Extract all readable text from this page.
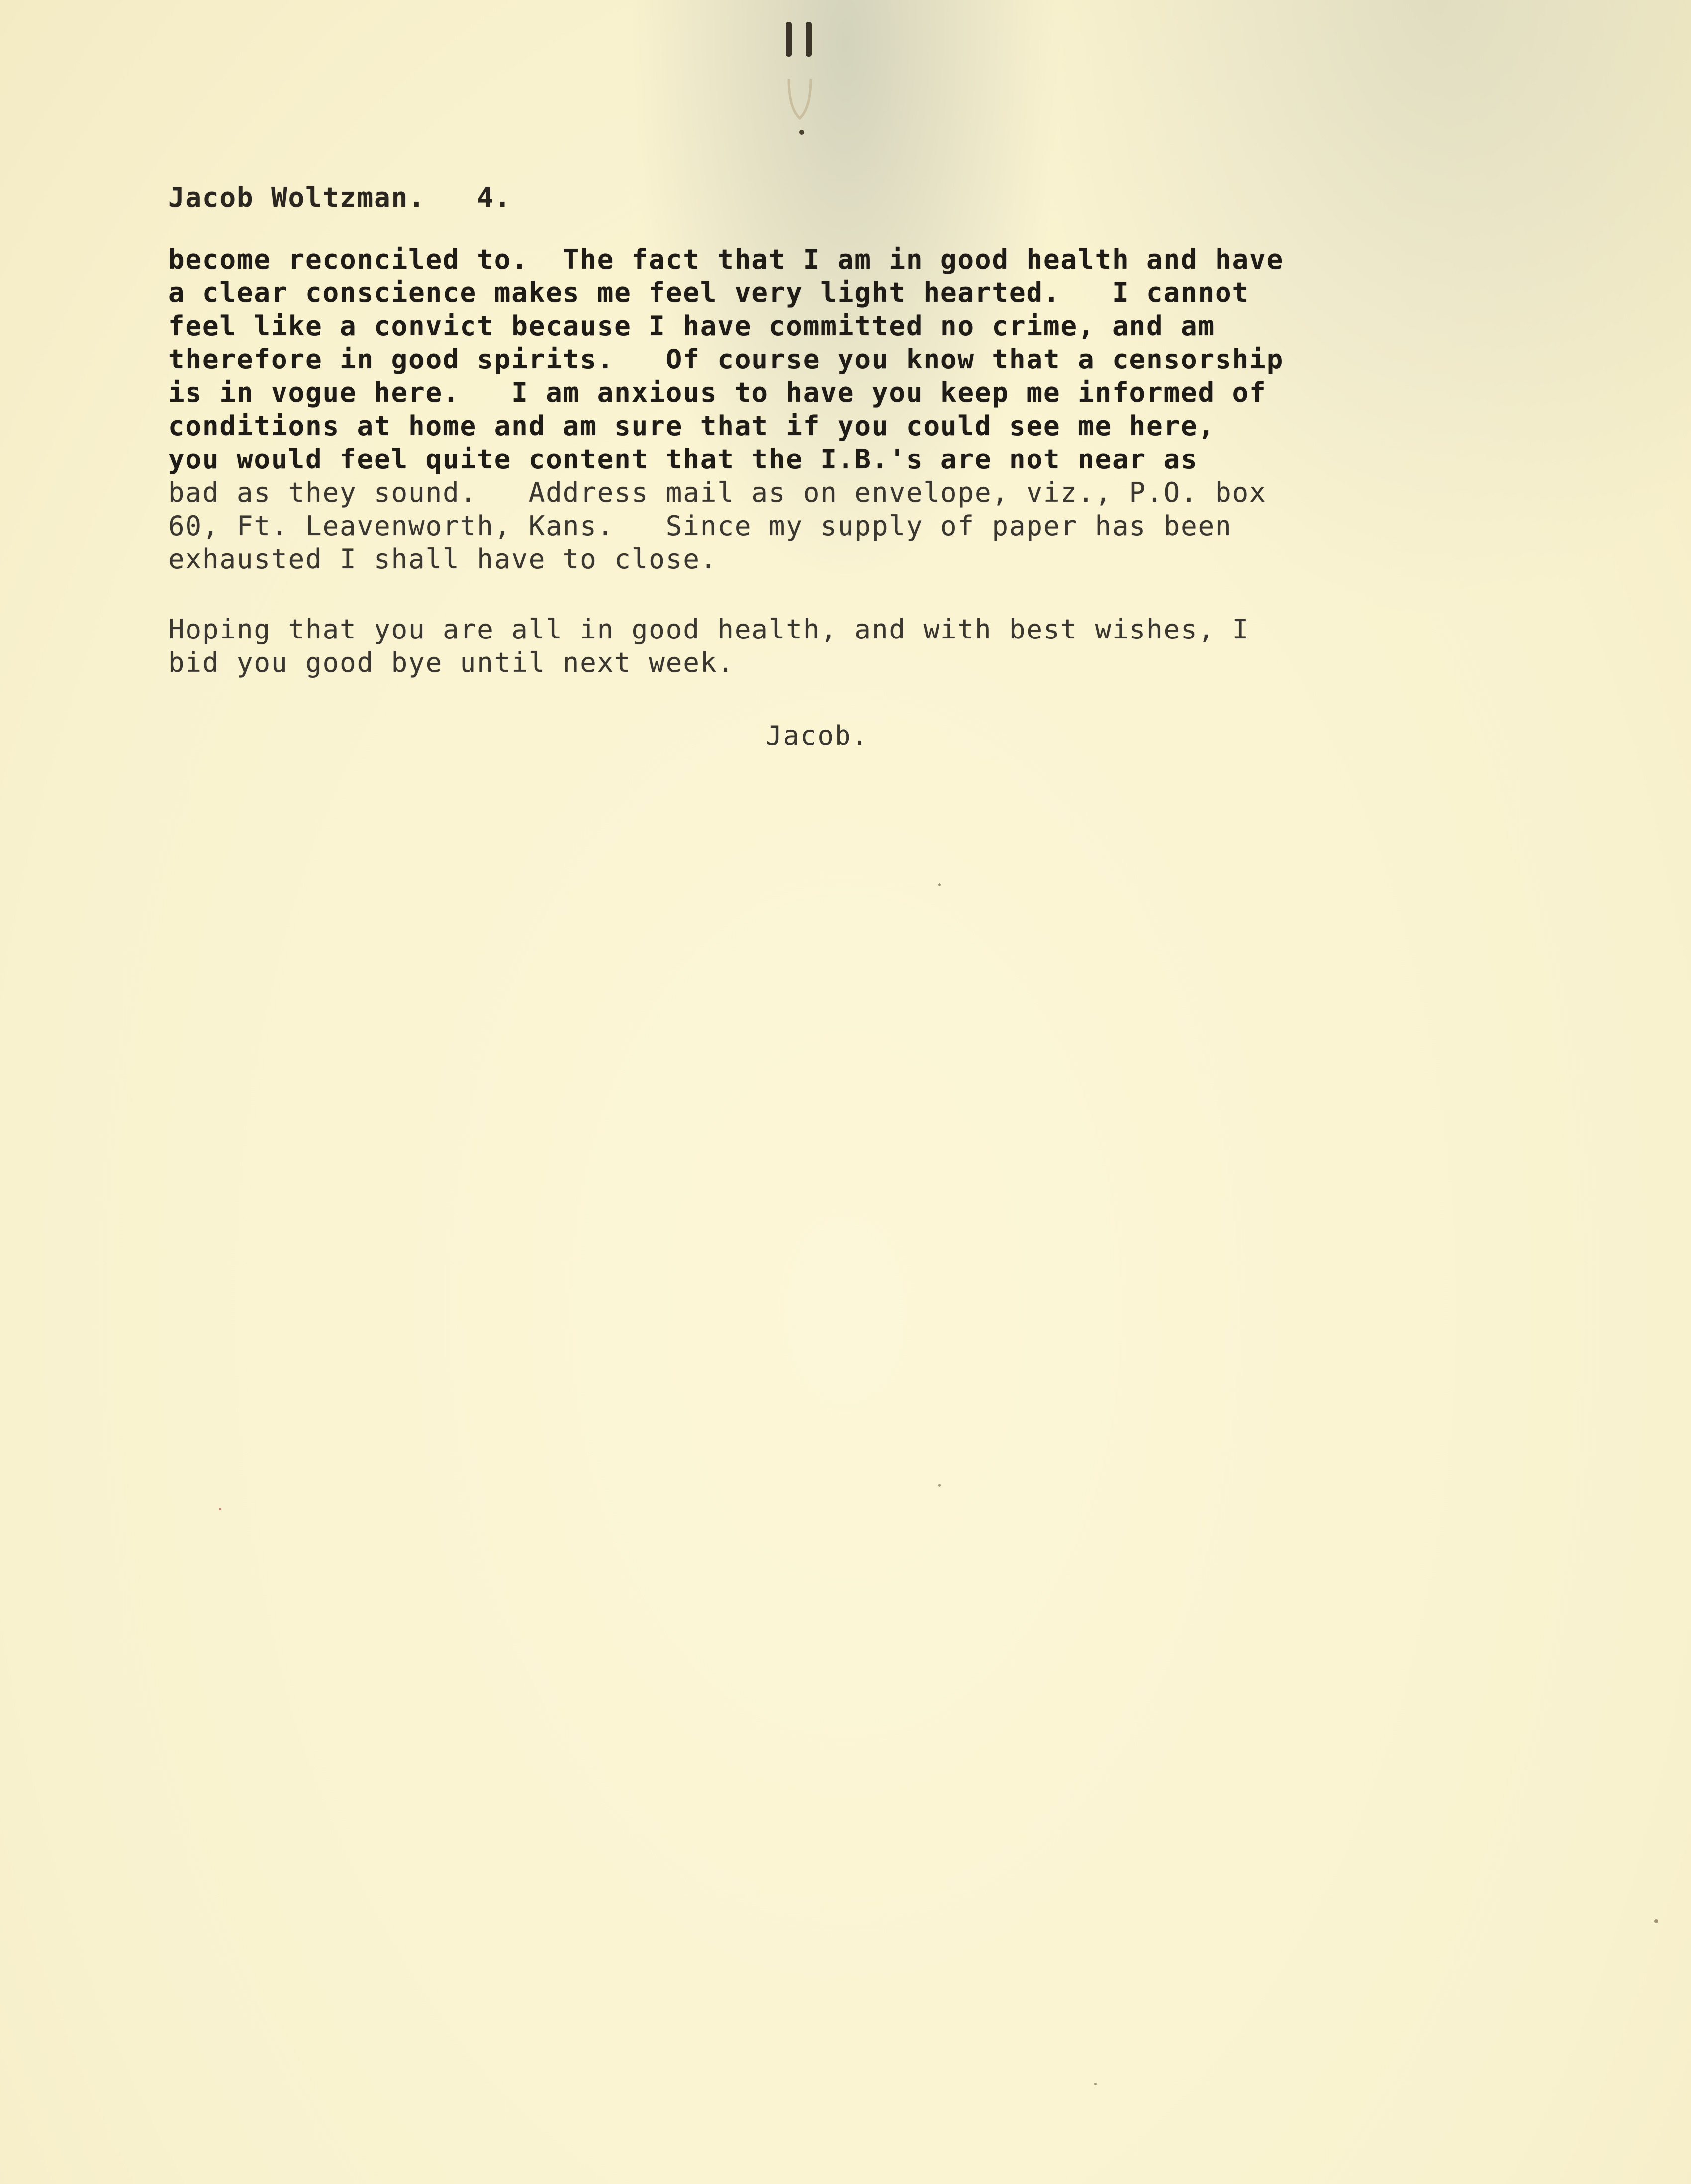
Jacob Woltzman.   4.
become reconciled to.  The fact that I am in good health and have
a clear conscience makes me feel very light hearted.   I cannot
feel like a convict because I have committed no crime, and am
therefore in good spirits.   Of course you know that a censorship
is in vogue here.   I am anxious to have you keep me informed of
conditions at home and am sure that if you could see me here,
you would feel quite content that the I.B.'s are not near as
bad as they sound.   Address mail as on envelope, viz., P.O. box
60, Ft. Leavenworth, Kans.   Since my supply of paper has been
exhausted I shall have to close.
Hoping that you are all in good health, and with best wishes, I
bid you good bye until next week.
Jacob.
